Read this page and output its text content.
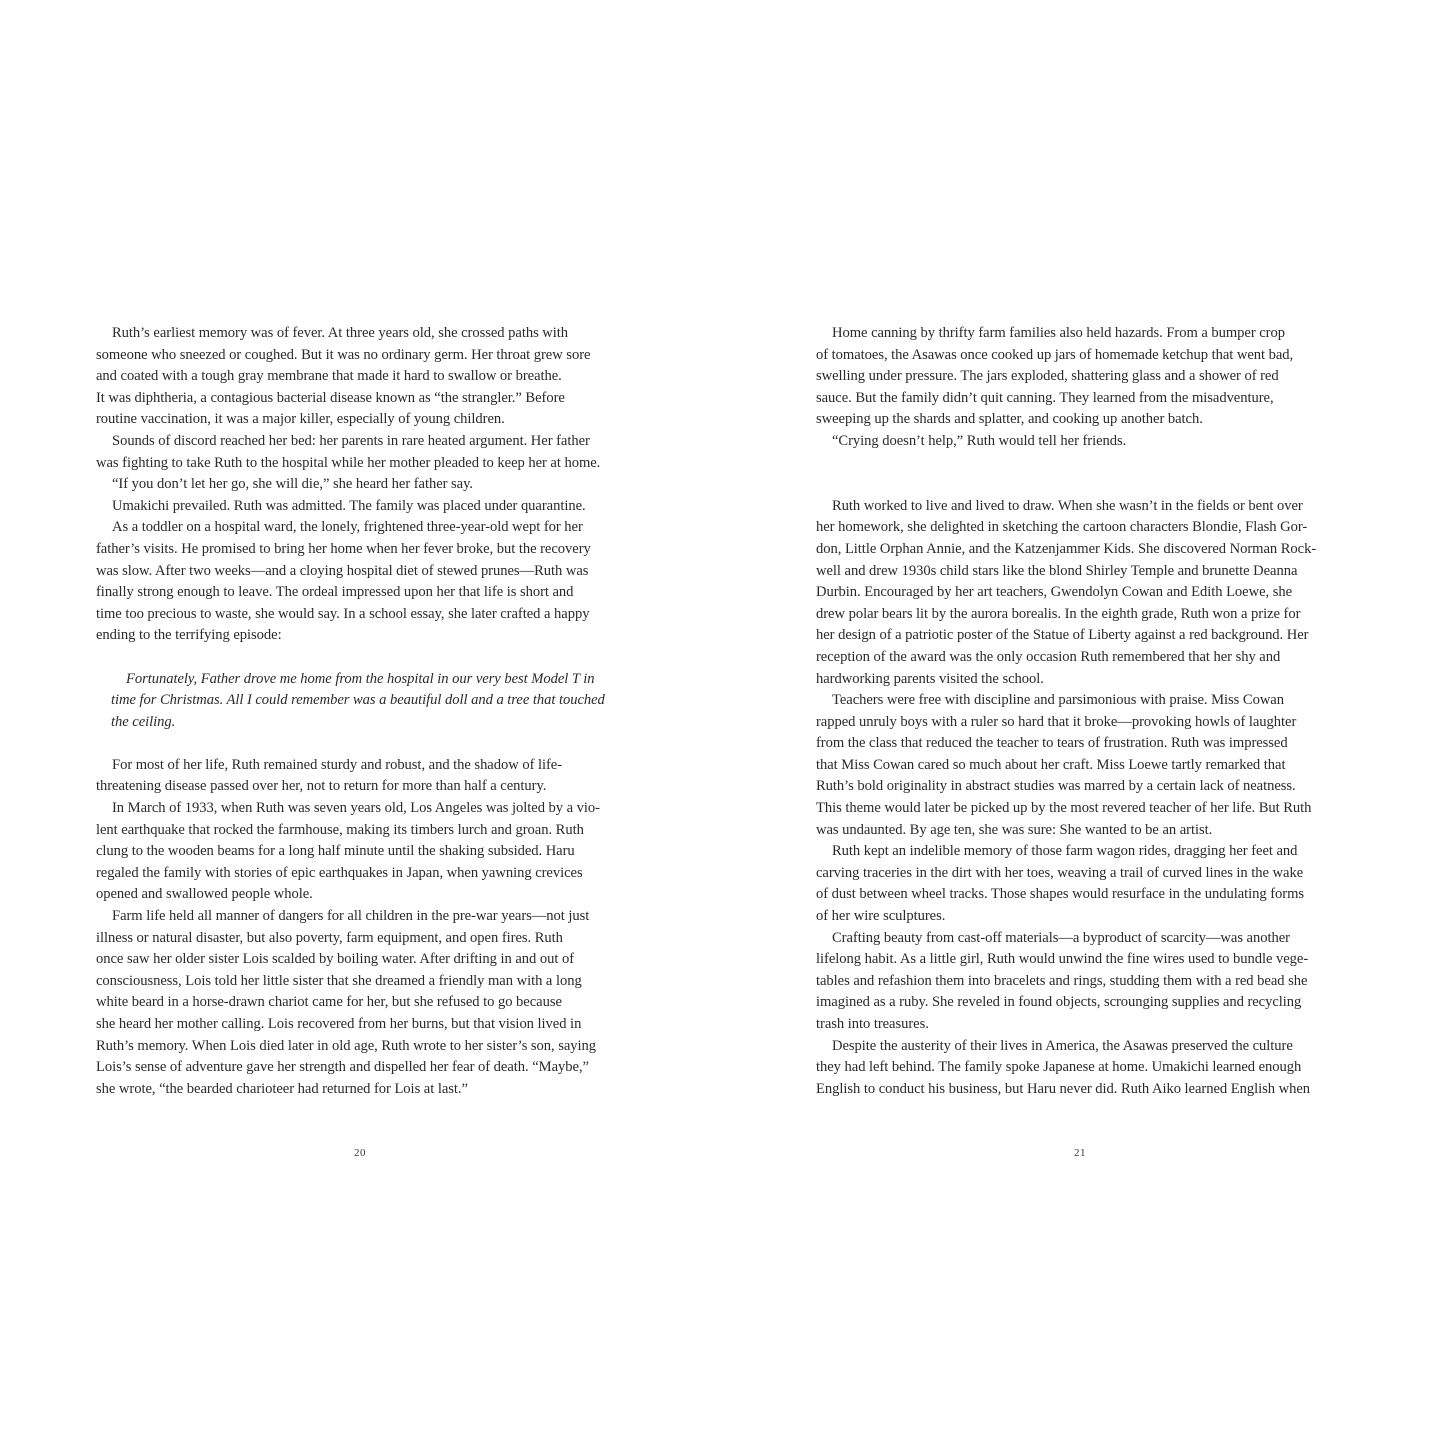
Ruth’s earliest memory was of fever. At three years old, she crossed paths with
someone who sneezed or coughed. But it was no ordinary germ. Her throat grew sore
and coated with a tough gray membrane that made it hard to swallow or breathe.
It was diphtheria, a contagious bacterial disease known as “the strangler.” Before
routine vaccination, it was a major killer, especially of young children.
Sounds of discord reached her bed: her parents in rare heated argument. Her father
was fighting to take Ruth to the hospital while her mother pleaded to keep her at home.
“If you don’t let her go, she will die,” she heard her father say.
Umakichi prevailed. Ruth was admitted. The family was placed under quarantine.
As a toddler on a hospital ward, the lonely, frightened three-year-old wept for her
father’s visits. He promised to bring her home when her fever broke, but the recovery
was slow. After two weeks—and a cloying hospital diet of stewed prunes—Ruth was
finally strong enough to leave. The ordeal impressed upon her that life is short and
time too precious to waste, she would say. In a school essay, she later crafted a happy
ending to the terrifying episode:
Fortunately, Father drove me home from the hospital in our very best Model T in
time for Christmas. All I could remember was a beautiful doll and a tree that touched
the ceiling.
For most of her life, Ruth remained sturdy and robust, and the shadow of life-
threatening disease passed over her, not to return for more than half a century.
In March of 1933, when Ruth was seven years old, Los Angeles was jolted by a vio-
lent earthquake that rocked the farmhouse, making its timbers lurch and groan. Ruth
clung to the wooden beams for a long half minute until the shaking subsided. Haru
regaled the family with stories of epic earthquakes in Japan, when yawning crevices
opened and swallowed people whole.
Farm life held all manner of dangers for all children in the pre-war years—not just
illness or natural disaster, but also poverty, farm equipment, and open fires. Ruth
once saw her older sister Lois scalded by boiling water. After drifting in and out of
consciousness, Lois told her little sister that she dreamed a friendly man with a long
white beard in a horse-drawn chariot came for her, but she refused to go because
she heard her mother calling. Lois recovered from her burns, but that vision lived in
Ruth’s memory. When Lois died later in old age, Ruth wrote to her sister’s son, saying
Lois’s sense of adventure gave her strength and dispelled her fear of death. “Maybe,”
she wrote, “the bearded charioteer had returned for Lois at last.”
20
Home canning by thrifty farm families also held hazards. From a bumper crop
of tomatoes, the Asawas once cooked up jars of homemade ketchup that went bad,
swelling under pressure. The jars exploded, shattering glass and a shower of red
sauce. But the family didn’t quit canning. They learned from the misadventure,
sweeping up the shards and splatter, and cooking up another batch.
“Crying doesn’t help,” Ruth would tell her friends.
Ruth worked to live and lived to draw. When she wasn’t in the fields or bent over
her homework, she delighted in sketching the cartoon characters Blondie, Flash Gor-
don, Little Orphan Annie, and the Katzenjammer Kids. She discovered Norman Rock-
well and drew 1930s child stars like the blond Shirley Temple and brunette Deanna
Durbin. Encouraged by her art teachers, Gwendolyn Cowan and Edith Loewe, she
drew polar bears lit by the aurora borealis. In the eighth grade, Ruth won a prize for
her design of a patriotic poster of the Statue of Liberty against a red background. Her
reception of the award was the only occasion Ruth remembered that her shy and
hardworking parents visited the school.
Teachers were free with discipline and parsimonious with praise. Miss Cowan
rapped unruly boys with a ruler so hard that it broke—provoking howls of laughter
from the class that reduced the teacher to tears of frustration. Ruth was impressed
that Miss Cowan cared so much about her craft. Miss Loewe tartly remarked that
Ruth’s bold originality in abstract studies was marred by a certain lack of neatness.
This theme would later be picked up by the most revered teacher of her life. But Ruth
was undaunted. By age ten, she was sure: She wanted to be an artist.
Ruth kept an indelible memory of those farm wagon rides, dragging her feet and
carving traceries in the dirt with her toes, weaving a trail of curved lines in the wake
of dust between wheel tracks. Those shapes would resurface in the undulating forms
of her wire sculptures.
Crafting beauty from cast-off materials—a byproduct of scarcity—was another
lifelong habit. As a little girl, Ruth would unwind the fine wires used to bundle vege-
tables and refashion them into bracelets and rings, studding them with a red bead she
imagined as a ruby. She reveled in found objects, scrounging supplies and recycling
trash into treasures.
Despite the austerity of their lives in America, the Asawas preserved the culture
they had left behind. The family spoke Japanese at home. Umakichi learned enough
English to conduct his business, but Haru never did. Ruth Aiko learned English when
21
